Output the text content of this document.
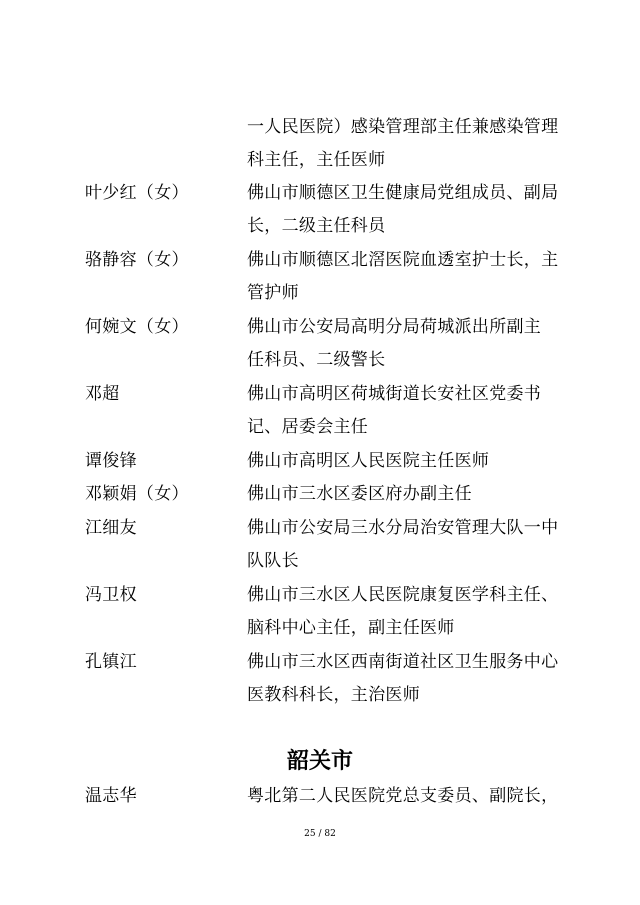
一人民医院）感染管理部主任兼感染管理
科主任，主任医师
叶少红（女）	佛山市顺德区卫生健康局党组成员、副局
长，二级主任科员
骆静容（女）	佛山市顺德区北滘医院血透室护士长，主
管护师
何婉文（女）	佛山市公安局高明分局荷城派出所副主
任科员、二级警长
邓超	佛山市高明区荷城街道长安社区党委书
记、居委会主任
谭俊锋	佛山市高明区人民医院主任医师
邓颖娟（女）	佛山市三水区委区府办副主任
江细友	佛山市公安局三水分局治安管理大队一中
队队长
冯卫权	佛山市三水区人民医院康复医学科主任、
脑科中心主任，副主任医师
孔镇江	佛山市三水区西南街道社区卫生服务中心
医教科科长，主治医师
韶关市
温志华	粤北第二人民医院党总支委员、副院长，
25 / 82
